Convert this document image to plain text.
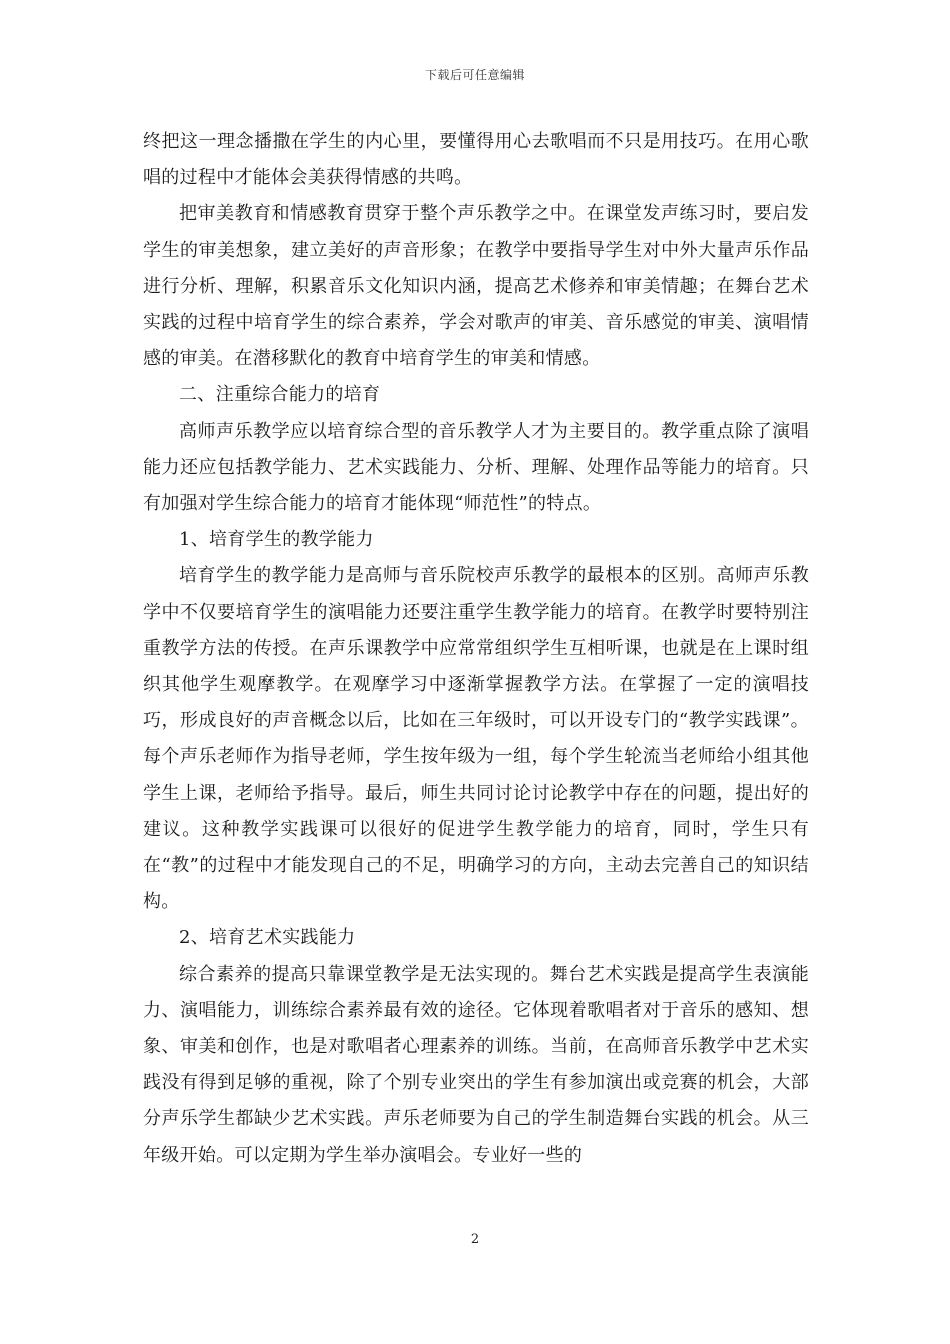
下载后可任意编辑

终把这一理念播撒在学生的内心里，要懂得用心去歌唱而不只是用技巧。在用心歌唱的过程中才能体会美获得情感的共鸣。

把审美教育和情感教育贯穿于整个声乐教学之中。在课堂发声练习时，要启发学生的审美想象，建立美好的声音形象；在教学中要指导学生对中外大量声乐作品进行分析、理解，积累音乐文化知识内涵，提高艺术修养和审美情趣；在舞台艺术实践的过程中培育学生的综合素养，学会对歌声的审美、音乐感觉的审美、演唱情感的审美。在潜移默化的教育中培育学生的审美和情感。

二、注重综合能力的培育

高师声乐教学应以培育综合型的音乐教学人才为主要目的。教学重点除了演唱能力还应包括教学能力、艺术实践能力、分析、理解、处理作品等能力的培育。只有加强对学生综合能力的培育才能体现“师范性”的特点。

1、培育学生的教学能力

培育学生的教学能力是高师与音乐院校声乐教学的最根本的区别。高师声乐教学中不仅要培育学生的演唱能力还要注重学生教学能力的培育。在教学时要特别注重教学方法的传授。在声乐课教学中应常常组织学生互相听课，也就是在上课时组织其他学生观摩教学。在观摩学习中逐渐掌握教学方法。在掌握了一定的演唱技巧，形成良好的声音概念以后，比如在三年级时，可以开设专门的“教学实践课”。每个声乐老师作为指导老师，学生按年级为一组，每个学生轮流当老师给小组其他学生上课，老师给予指导。最后，师生共同讨论讨论教学中存在的问题，提出好的建议。这种教学实践课可以很好的促进学生教学能力的培育，同时，学生只有在“教”的过程中才能发现自己的不足，明确学习的方向，主动去完善自己的知识结构。

2、培育艺术实践能力

综合素养的提高只靠课堂教学是无法实现的。舞台艺术实践是提高学生表演能力、演唱能力，训练综合素养最有效的途径。它体现着歌唱者对于音乐的感知、想象、审美和创作，也是对歌唱者心理素养的训练。当前，在高师音乐教学中艺术实践没有得到足够的重视，除了个别专业突出的学生有参加演出或竞赛的机会，大部分声乐学生都缺少艺术实践。声乐老师要为自己的学生制造舞台实践的机会。从三年级开始。可以定期为学生举办演唱会。专业好一些的

2
